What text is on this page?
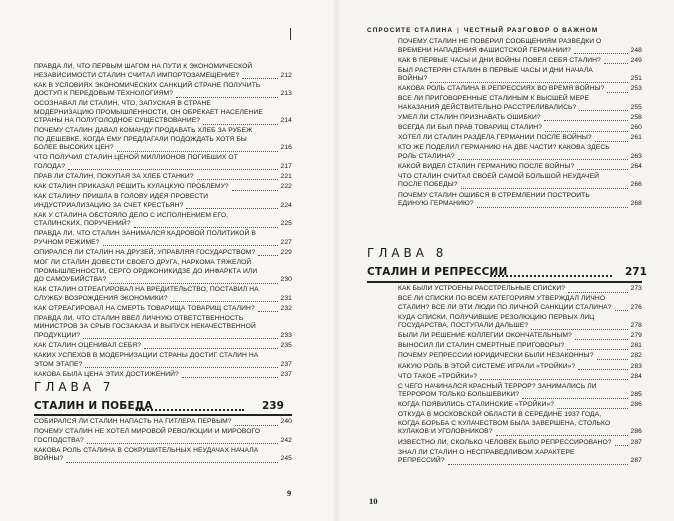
СПРОСИТЕ СТАЛИНА | ЧЕСТНЫЙ РАЗГОВОР О ВАЖНОМ
ПРАВДА ЛИ, ЧТО ПЕРВЫМ ШАГОМ НА ПУТИ К ЭКОНОМИЧЕСКОЙ НЕЗАВИСИМОСТИ СТАЛИН СЧИТАЛ ИМПОРТОЗАМЕЩЕНИЕ?	212
КАК В УСЛОВИЯХ ЭКОНОМИЧЕСКИХ САНКЦИЙ СТРАНЕ ПОЛУЧИТЬ ДОСТУП К ПЕРЕДОВЫМ ТЕХНОЛОГИЯМ?	213
ОСОЗНАВАЛ ЛИ СТАЛИН, ЧТО, ЗАПУСКАЯ В СТРАНЕ МОДЕРНИЗАЦИЮ ПРОМЫШЛЕННОСТИ, ОН ОБРЕКАЕТ НАСЕЛЕНИЕ СТРАНЫ НА ПОЛУГОЛОДНОЕ СУЩЕСТВОВАНИЕ?	214
ПОЧЕМУ СТАЛИН ДАВАЛ КОМАНДУ ПРОДАВАТЬ ХЛЕБ ЗА РУБЕЖ ПО ДЕШЕВКЕ, КОГДА ЕМУ ПРЕДЛАГАЛИ ПОДОЖДАТЬ ХОТЯ БЫ БОЛЕЕ ВЫСОКИХ ЦЕН?	216
ЧТО ПОЛУЧИЛ СТАЛИН ЦЕНОЙ МИЛЛИОНОВ ПОГИБШИХ ОТ ГОЛОДА?	217
ПРАВ ЛИ СТАЛИН, ПОКУПАЯ ЗА ХЛЕБ СТАНКИ?	221
КАК СТАЛИН ПРИКАЗАЛ РЕШИТЬ КУЛАЦКУЮ ПРОБЛЕМУ?	222
КАК СТАЛИНУ ПРИШЛА В ГОЛОВУ ИДЕЯ ПРОВЕСТИ ИНДУСТРИАЛИЗАЦИЮ ЗА СЧЕТ КРЕСТЬЯН?	224
КАК У СТАЛИНА ОБСТОЯЛО ДЕЛО С ИСПОЛНЕНИЕМ ЕГО, СТАЛИНСКИХ, ПОРУЧЕНИЙ?	225
ПРАВДА ЛИ, ЧТО СТАЛИН ЗАНИМАЛСЯ КАДРОВОЙ ПОЛИТИКОЙ В РУЧНОМ РЕЖИМЕ?	227
ОПИРАЛСЯ ЛИ СТАЛИН НА ДРУЗЕЙ, УПРАВЛЯЯ ГОСУДАРСТВОМ?	229
МОГ ЛИ СТАЛИН ДОВЕСТИ СВОЕГО ДРУГА, НАРКОМА ТЯЖЕЛОЙ ПРОМЫШЛЕННОСТИ, СЕРГО ОРДЖОНИКИДЗЕ ДО ИНФАРКТА ИЛИ ДО САМОУБИЙСТВА?	230
КАК СТАЛИН ОТРЕАГИРОВАЛ НА ВРЕДИТЕЛЬСТВО, ПОСТАВИЛ НА СЛУЖБУ ВОЗРОЖДЕНИЯ ЭКОНОМИКИ?	231
КАК ОТРЕАГИРОВАЛ НА СМЕРТЬ ТОВАРИЩА ТОВАРИЩ СТАЛИН?	232
ПРАВДА ЛИ, ЧТО СТАЛИН ВВЕЛ ЛИЧНУЮ ОТВЕТСТВЕННОСТЬ МИНИСТРОВ ЗА СРЫВ ГОСЗАКАЗА И ВЫПУСК НЕКАЧЕСТВЕННОЙ ПРОДУКЦИИ?	233
КАК СТАЛИН ОЦЕНИВАЛ СЕБЯ?	235
КАКИХ УСПЕХОВ В МОДЕРНИЗАЦИИ СТРАНЫ ДОСТИГ СТАЛИН НА ЭТОМ ЭТАПЕ?	237
КАКОВА БЫЛА ЦЕНА ЭТИХ ДОСТИЖЕНИЙ?	237
ГЛАВА 7
СТАЛИН И ПОБЕДА	239
СОБИРАЛСЯ ЛИ СТАЛИН НАПАСТЬ НА ГИТЛЕРА ПЕРВЫМ?	240
ПОЧЕМУ СТАЛИН НЕ ХОТЕЛ МИРОВОЙ РЕВОЛЮЦИИ И МИРОВОГО ГОСПОДСТВА?	242
КАКОВА РОЛЬ СТАЛИНА В СОКРУШИТЕЛЬНЫХ НЕУДАЧАХ НАЧАЛА ВОЙНЫ?	245
9
ПОЧЕМУ СТАЛИН НЕ ПОВЕРИЛ СООБЩЕНИЯМ РАЗВЕДКИ О ВРЕМЕНИ НАПАДЕНИЯ ФАШИСТСКОЙ ГЕРМАНИИ?	248
КАК В ПЕРВЫЕ ЧАСЫ И ДНИ ВОЙНЫ ПОВЕЛ СЕБЯ СТАЛИН?	249
БЫЛ РАСТЕРЯН СТАЛИН В ПЕРВЫЕ ЧАСЫ И ДНИ НАЧАЛА ВОЙНЫ?	251
КАКОВА РОЛЬ СТАЛИНА В РЕПРЕССИЯХ ВО ВРЕМЯ ВОЙНЫ?	253
ВСЕ ЛИ ПРИГОВОРЕННЫЕ СТАЛИНЫМ К ВЫСШЕЙ МЕРЕ НАКАЗАНИЯ ДЕЙСТВИТЕЛЬНО РАССТРЕЛИВАЛИСЬ?	255
УМЕЛ ЛИ СТАЛИН ПРИЗНАВАТЬ ОШИБКИ?	258
ВСЕГДА ЛИ БЫЛ ПРАВ ТОВАРИЩ СТАЛИН?	260
ХОТЕЛ ЛИ СТАЛИН РАЗДЕЛА ГЕРМАНИИ ПОСЛЕ ВОЙНЫ?	261
КТО ЖЕ ПОДЕЛИЛ ГЕРМАНИЮ НА ДВЕ ЧАСТИ? КАКОВА ЗДЕСЬ РОЛЬ СТАЛИНА?	263
КАКОЙ ВИДЕЛ СТАЛИН ГЕРМАНИЮ ПОСЛЕ ВОЙНЫ?	264
ЧТО СТАЛИН СЧИТАЛ СВОЕЙ САМОЙ БОЛЬШОЙ НЕУДАЧЕЙ ПОСЛЕ ПОБЕДЫ?	266
ПОЧЕМУ СТАЛИН ОШИБСЯ В СТРЕМЛЕНИИ ПОСТРОИТЬ ЕДИНУЮ ГЕРМАНИЮ?	268
ГЛАВА 8
СТАЛИН И РЕПРЕССИИ	271
КАК БЫЛИ УСТРОЕНЫ РАССТРЕЛЬНЫЕ СПИСКИ?	273
ВСЕ ЛИ СПИСКИ ПО ВСЕМ КАТЕГОРИЯМ УТВЕРЖДАЛ ЛИЧНО СТАЛИН? ВСЕ ЛИ ЭТИ ЛЮДИ ПО ЛИЧНОЙ САНКЦИИ СТАЛИНА?	276
КУДА СПИСКИ, ПОЛУЧИВШИЕ РЕЗОЛЮЦИЮ ПЕРВЫХ ЛИЦ ГОСУДАРСТВА, ПОСТУПАЛИ ДАЛЬШЕ?	278
БЫЛИ ЛИ РЕШЕНИЕ КОЛЛЕГИИ ОКОНЧАТЕЛЬНЫМ?	279
ВЫНОСИЛ ЛИ СТАЛИН СМЕРТНЫЕ ПРИГОВОРЫ?	281
ПОЧЕМУ РЕПРЕССИИ ЮРИДИЧЕСКИ БЫЛИ НЕЗАКОННЫ?	282
КАКУЮ РОЛЬ В ЭТОЙ СИСТЕМЕ ИГРАЛИ «ТРОЙКИ»?	283
ЧТО ТАКОЕ «ТРОЙКИ»?	284
С ЧЕГО НАЧИНАЛСЯ КРАСНЫЙ ТЕРРОР? ЗАНИМАЛИСЬ ЛИ ТЕРРОРОМ ТОЛЬКО БОЛЬШЕВИКИ?	285
КОГДА ПОЯВИЛИСЬ СТАЛИНСКИЕ «ТРОЙКИ»?	286
ОТКУДА В МОСКОВСКОЙ ОБЛАСТИ В СЕРЕДИНЕ 1937 ГОДА, КОГДА БОРЬБА С КУЛАЧЕСТВОМ БЫЛА ЗАВЕРШЕНА, СТОЛЬКО КУЛАКОВ И УГОЛОВНИКОВ?	286
ИЗВЕСТНО ЛИ, СКОЛЬКО ЧЕЛОВЕК БЫЛО РЕПРЕССИРОВАНО?	287
ЗНАЛ ЛИ СТАЛИН О НЕСПРАВЕДЛИВОМ ХАРАКТЕРЕ РЕПРЕССИЙ?	287
10
